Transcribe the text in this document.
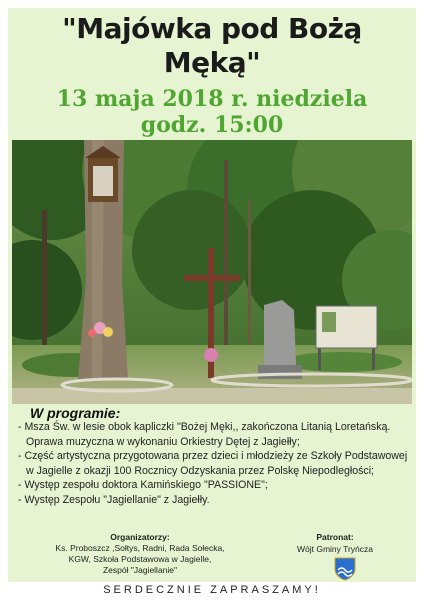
"Majówka pod Bożą Męką"
13 maja 2018 r. niedziela
godz. 15:00
W programie:
- Msza Św. w lesie obok kapliczki "Bożej Męki,, zakończona Litanią Loretańską. Oprawa muzyczna w wykonaniu Orkiestry Dętej z Jagiełły;
- Część artystyczna przygotowana przez dzieci i młodzieży ze Szkoły Podstawowej w Jagielle z okazji 100 Rocznicy Odzyskania przez Polskę Niepodległości;
- Występ zespołu doktora Kamińskiego "PASSIONE";
- Występ Zespołu "Jagiellanie" z Jagiełły.
Organizatorzy:
Ks. Proboszcz ,Sołtys, Radni, Rada Sołecka,
KGW, Szkoła Podstawowa w Jagielle,
Zespół "Jagiellanie"
Patronat:
Wójt Gminy Tryńcza
SERDECZNIE ZAPRASZAMY!
